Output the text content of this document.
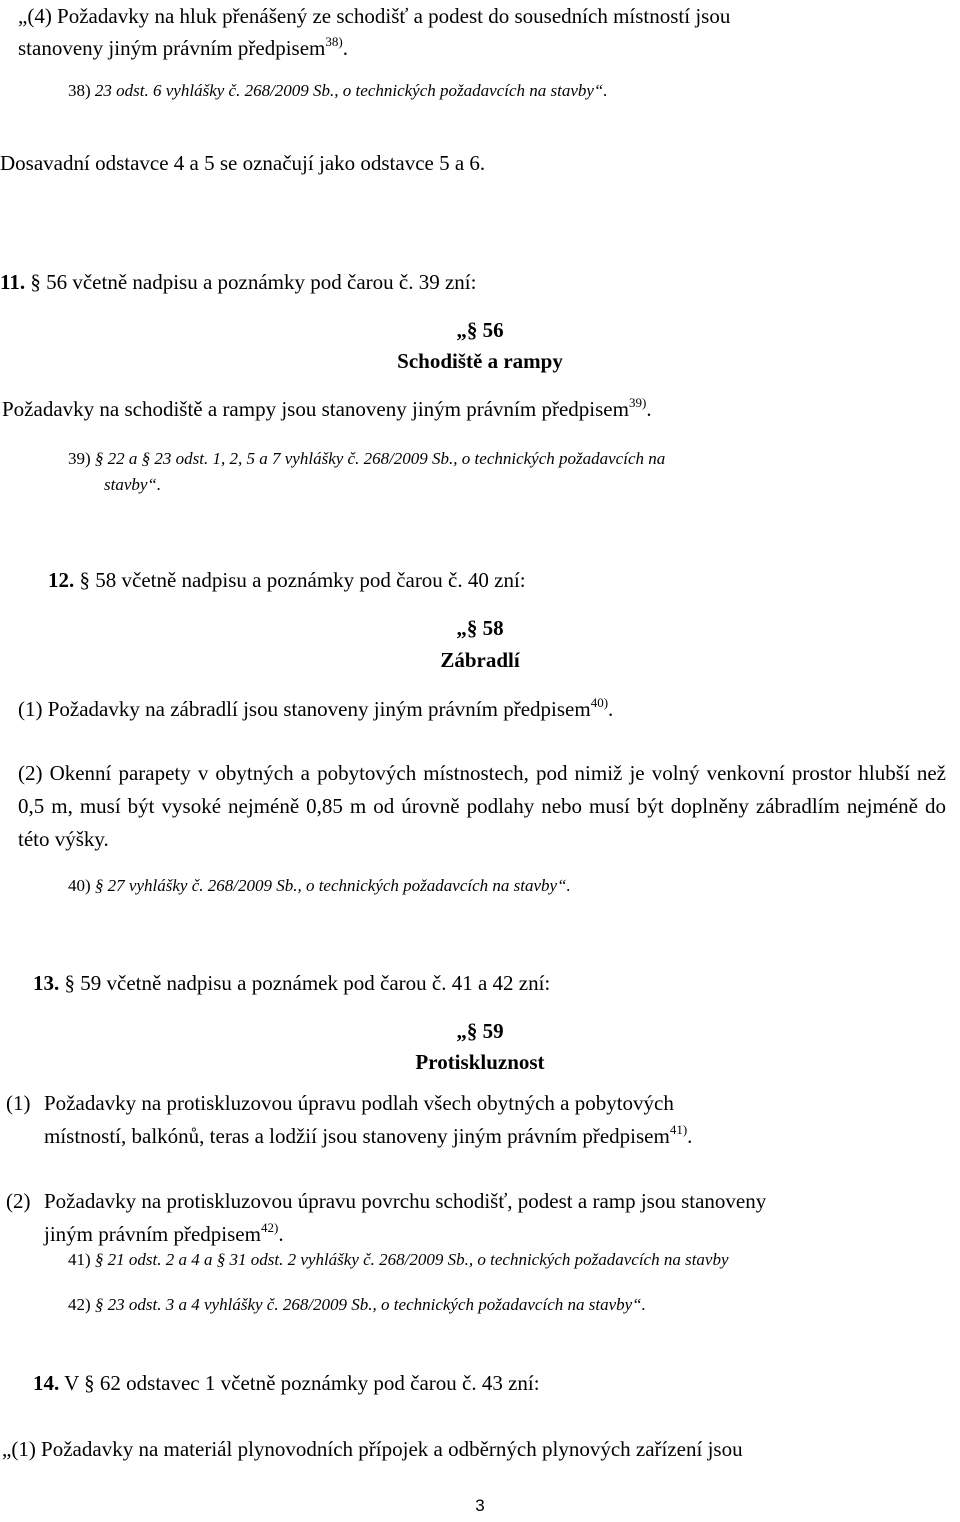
„(4) Požadavky na hluk přenášený ze schodišť a podest do sousedních místností jsou
stanoveny jiným právním předpisem$^{38)}$.
38) 23 odst. 6 vyhlášky č. 268/2009 Sb., o technických požadavcích na stavby“.
Dosavadní odstavce 4 a 5 se označují jako odstavce 5 a 6.
11. § 56 včetně nadpisu a poznámky pod čarou č. 39 zní:
„§ 56
Schodiště a rampy
Požadavky na schodiště a rampy jsou stanoveny jiným právním předpisem$^{39)}$.
39) § 22 a § 23 odst. 1, 2, 5 a 7 vyhlášky č. 268/2009 Sb., o technických požadavcích na
stavby“.
12. § 58 včetně nadpisu a poznámky pod čarou č. 40 zní:
„§ 58
Zábradlí
(1) Požadavky na zábradlí jsou stanoveny jiným právním předpisem$^{40)}$.
(2) Okenní parapety v obytných a pobytových místnostech, pod nimiž je volný venkovní prostor hlubší než 0,5 m, musí být vysoké nejméně 0,85 m od úrovně podlahy nebo musí být doplněny zábradlím nejméně do této výšky.
40) § 27 vyhlášky č. 268/2009 Sb., o technických požadavcích na stavby“.
13. § 59 včetně nadpisu a poznámek pod čarou č. 41 a 42 zní:
„§ 59
Protiskluznost
(1) Požadavky na protiskluzovou úpravu podlah všech obytných a pobytových
místností, balkónů, teras a lodžií jsou stanoveny jiným právním předpisem$^{41)}$.
(2) Požadavky na protiskluzovou úpravu povrchu schodišť, podest a ramp jsou stanoveny
jiným právním předpisem$^{42)}$.
41) § 21 odst. 2 a 4 a § 31 odst. 2 vyhlášky č. 268/2009 Sb., o technických požadavcích na stavby
42) § 23 odst. 3 a 4 vyhlášky č. 268/2009 Sb., o technických požadavcích na stavby“.
14. V § 62 odstavec 1 včetně poznámky pod čarou č. 43 zní:
„(1) Požadavky na materiál plynovodních přípojek a odběrných plynových zařízení jsou
3
